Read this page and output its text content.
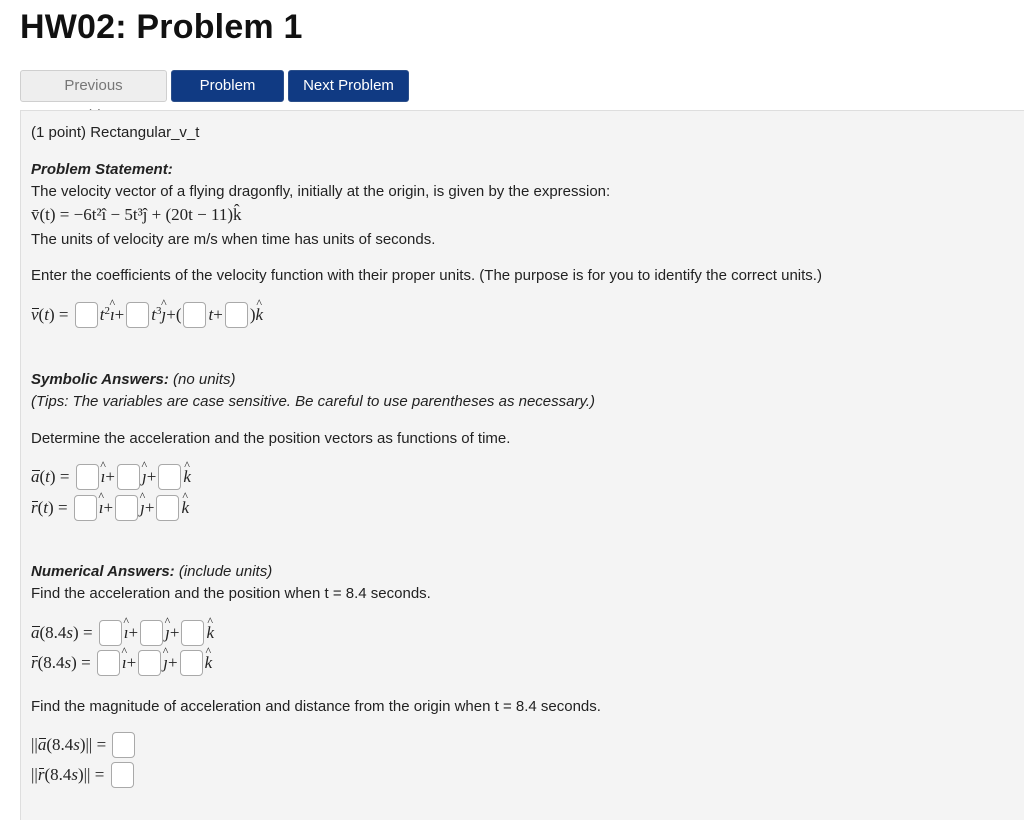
HW02: Problem 1
Previous	Problem	Next Problem
(1 point) Rectangular_v_t
Problem Statement:
The velocity vector of a flying dragonfly, initially at the origin, is given by the expression:
v̄(t) = −6t²î − 5t³ĵ + (20t − 11)k̂
The units of velocity are m/s when time has units of seconds.
Enter the coefficients of the velocity function with their proper units. (The purpose is for you to identify the correct units.)
$v(t) = t^2ı$ ^+ $t^3ȷ$ ^+( t+ )k ^
Symbolic Answers: (no units)
(Tips: The variables are case sensitive. Be careful to use parentheses as necessary.)
Determine the acceleration and the position vectors as functions of time.
a(t) = ı ^+ ȷ ^+ k ^
r(t) = ı ^+ ȷ ^+ k ^
Numerical Answers: (include units)
Find the acceleration and the position when t = 8.4 seconds.
a(8.4s) = ı ^+ ȷ ^+ k ^
r(8.4s) = ı ^+ ȷ ^+ k ^
Find the magnitude of acceleration and distance from the origin when t = 8.4 seconds.
||a(8.4s)|| =
||r(8.4s)|| =
